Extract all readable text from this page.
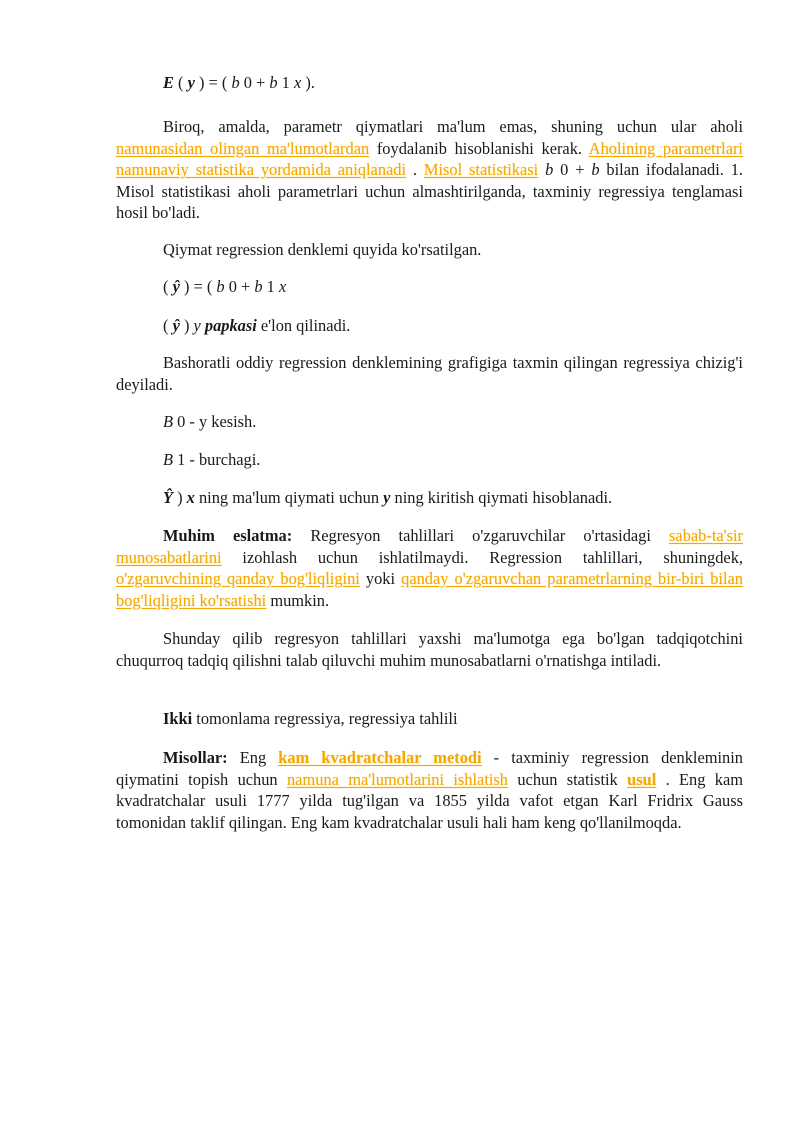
E ( y ) = ( b 0 + b 1 x ).

Biroq, amalda, parametr qiymatlari ma'lum emas, shuning uchun ular aholi namunasidan olingan ma'lumotlardan foydalanib hisoblanishi kerak. Aholining parametrlari namunaviy statistika yordamida aniqlanadi . Misol statistikasi b 0 + b bilan ifodalanadi. 1. Misol statistikasi aholi parametrlari uchun almashtirilganda, taxminiy regressiya tenglamasi hosil bo'ladi.

Qiymat regression denklemi quyida ko'rsatilgan.

( ŷ ) = ( b 0 + b 1 x

( ŷ ) y papkasi e'lon qilinadi.

Bashoratli oddiy regression denklemining grafigiga taxmin qilingan regressiya chizig'i deyiladi.

B 0 - y kesish.

B 1 - burchagi.

Ŷ ) x ning ma'lum qiymati uchun y ning kiritish qiymati hisoblanadi.

Muhim eslatma: Regresyon tahlillari o'zgaruvchilar o'rtasidagi sabab-ta'sir munosabatlarini izohlash uchun ishlatilmaydi. Regression tahlillari, shuningdek, o'zgaruvchining qanday bog'liqligini yoki qanday o'zgaruvchan parametrlarning bir-biri bilan bog'liqligini ko'rsatishi mumkin.

Shunday qilib regresyon tahlillari yaxshi ma'lumotga ega bo'lgan tadqiqotchini chuqurroq tadqiq qilishni talab qiluvchi muhim munosabatlarni o'rnatishga intiladi.

Ikki tomonlama regressiya, regressiya tahlili

Misollar: Eng kam kvadratchalar metodi - taxminiy regression denkleminin qiymatini topish uchun namuna ma'lumotlarini ishlatish uchun statistik usul . Eng kam kvadratchalar usuli 1777 yilda tug'ilgan va 1855 yilda vafot etgan Karl Fridrix Gauss tomonidan taklif qilingan. Eng kam kvadratchalar usuli hali ham keng qo'llanilmoqda.
